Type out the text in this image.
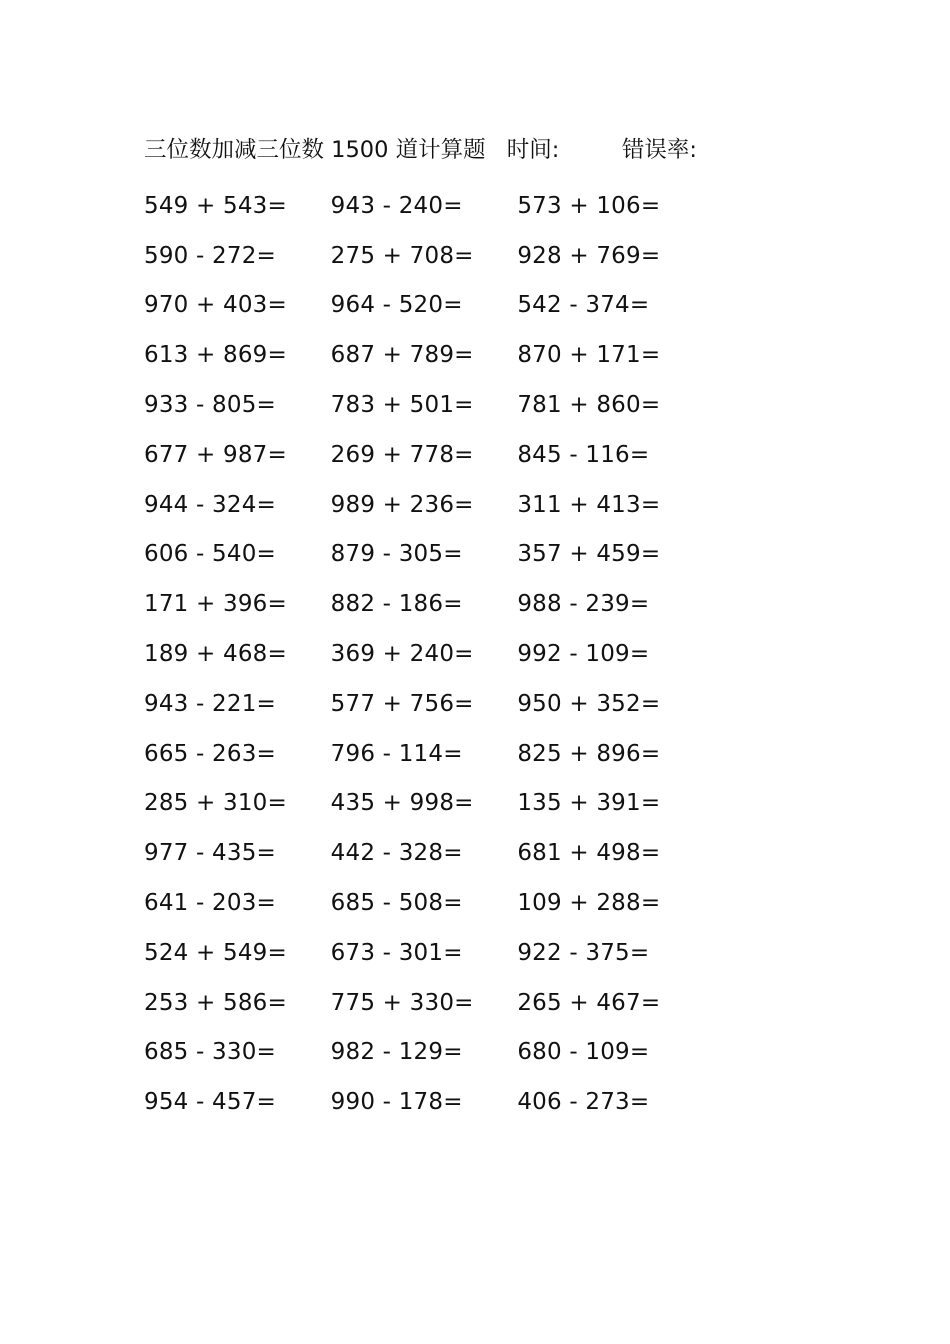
三位数加减三位数 1500 道计算题 时间:	错误率:
549 + 543=	943 - 240=	573 + 106=
590 - 272=	275 + 708=	928 + 769=
970 + 403=	964 - 520=	542 - 374=
613 + 869=	687 + 789=	870 + 171=
933 - 805=	783 + 501=	781 + 860=
677 + 987=	269 + 778=	845 - 116=
944 - 324=	989 + 236=	311 + 413=
606 - 540=	879 - 305=	357 + 459=
171 + 396=	882 - 186=	988 - 239=
189 + 468=	369 + 240=	992 - 109=
943 - 221=	577 + 756=	950 + 352=
665 - 263=	796 - 114=	825 + 896=
285 + 310=	435 + 998=	135 + 391=
977 - 435=	442 - 328=	681 + 498=
641 - 203=	685 - 508=	109 + 288=
524 + 549=	673 - 301=	922 - 375=
253 + 586=	775 + 330=	265 + 467=
685 - 330=	982 - 129=	680 - 109=
954 - 457=	990 - 178=	406 - 273=
